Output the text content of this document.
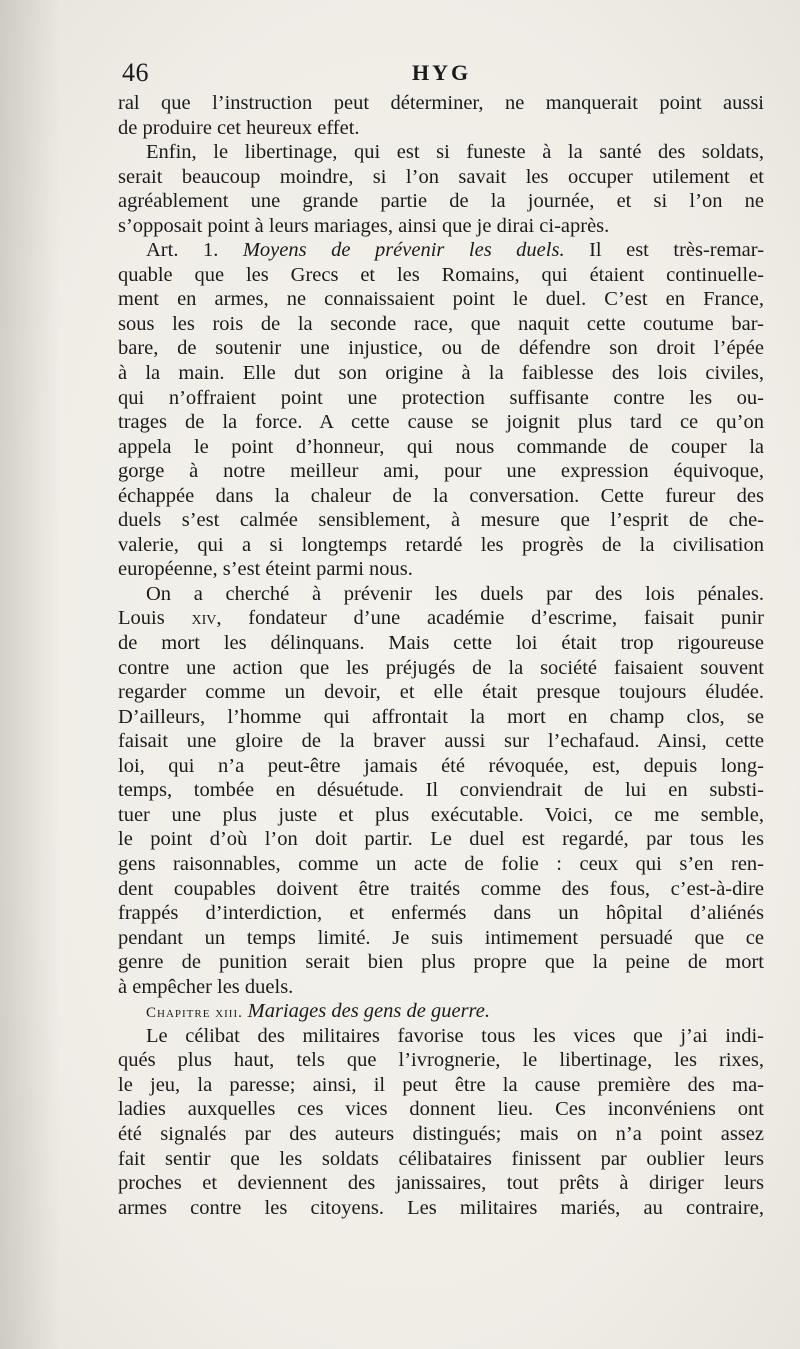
46	HYG
ral que l’instruction peut déterminer, ne manquerait point aussi
de produire cet heureux effet.
Enfin, le libertinage, qui est si funeste à la santé des soldats,
serait beaucoup moindre, si l’on savait les occuper utilement et
agréablement une grande partie de la journée, et si l’on ne
s’opposait point à leurs mariages, ainsi que je dirai ci-après.
Art. 1. Moyens de prévenir les duels. Il est très-remar-
quable que les Grecs et les Romains, qui étaient continuelle-
ment en armes, ne connaissaient point le duel. C’est en France,
sous les rois de la seconde race, que naquit cette coutume bar-
bare, de soutenir une injustice, ou de défendre son droit l’épée
à la main. Elle dut son origine à la faiblesse des lois civiles,
qui n’offraient point une protection suffisante contre les ou-
trages de la force. A cette cause se joignit plus tard ce qu’on
appela le point d’honneur, qui nous commande de couper la
gorge à notre meilleur ami, pour une expression équivoque,
échappée dans la chaleur de la conversation. Cette fureur des
duels s’est calmée sensiblement, à mesure que l’esprit de che-
valerie, qui a si longtemps retardé les progrès de la civilisation
européenne, s’est éteint parmi nous.
On a cherché à prévenir les duels par des lois pénales.
Louis xiv, fondateur d’une académie d’escrime, faisait punir
de mort les délinquans. Mais cette loi était trop rigoureuse
contre une action que les préjugés de la société faisaient souvent
regarder comme un devoir, et elle était presque toujours éludée.
D’ailleurs, l’homme qui affrontait la mort en champ clos, se
faisait une gloire de la braver aussi sur l’echafaud. Ainsi, cette
loi, qui n’a peut-être jamais été révoquée, est, depuis long-
temps, tombée en désuétude. Il conviendrait de lui en substi-
tuer une plus juste et plus exécutable. Voici, ce me semble,
le point d’où l’on doit partir. Le duel est regardé, par tous les
gens raisonnables, comme un acte de folie : ceux qui s’en ren-
dent coupables doivent être traités comme des fous, c’est-à-dire
frappés d’interdiction, et enfermés dans un hôpital d’aliénés
pendant un temps limité. Je suis intimement persuadé que ce
genre de punition serait bien plus propre que la peine de mort
à empêcher les duels.
Chapitre xiii. Mariages des gens de guerre.
Le célibat des militaires favorise tous les vices que j’ai indi-
qués plus haut, tels que l’ivrognerie, le libertinage, les rixes,
le jeu, la paresse; ainsi, il peut être la cause première des ma-
ladies auxquelles ces vices donnent lieu. Ces inconvéniens ont
été signalés par des auteurs distingués; mais on n’a point assez
fait sentir que les soldats célibataires finissent par oublier leurs
proches et deviennent des janissaires, tout prêts à diriger leurs
armes contre les citoyens. Les militaires mariés, au contraire,
